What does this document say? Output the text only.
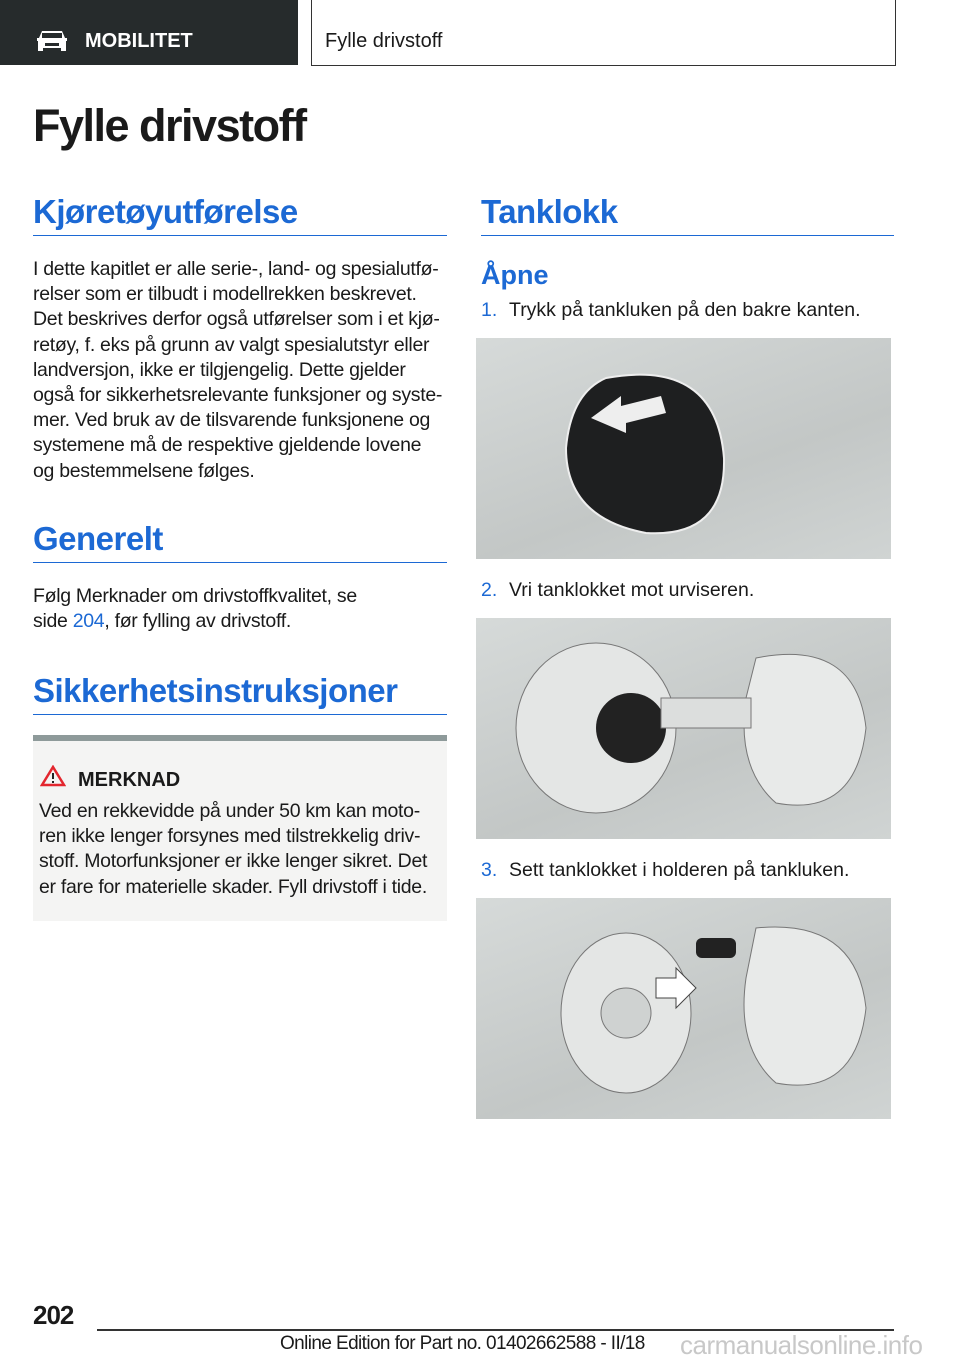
MOBILITET	Fylle drivstoff
Fylle drivstoff
Kjøretøyutførelse
I dette kapitlet er alle serie-, land- og spesialutfø-
relser som er tilbudt i modellrekken beskrevet.
Det beskrives derfor også utførelser som i et kjø-
retøy, f. eks på grunn av valgt spesialutstyr eller
landversjon, ikke er tilgjengelig. Dette gjelder
også for sikkerhetsrelevante funksjoner og syste-
mer. Ved bruk av de tilsvarende funksjonene og
systemene må de respektive gjeldende lovene
og bestemmelsene følges.
Generelt
Følg Merknader om drivstoffkvalitet, se
side 204, før fylling av drivstoff.
Sikkerhetsinstruksjoner
MERKNAD
Ved en rekkevidde på under 50 km kan moto-
ren ikke lenger forsynes med tilstrekkelig driv-
stoff. Motorfunksjoner er ikke lenger sikret. Det
er fare for materielle skader. Fyll drivstoff i tide.
Tanklokk
Åpne
1. Trykk på tankluken på den bakre kanten.
2. Vri tanklokket mot urviseren.
3. Sett tanklokket i holderen på tankluken.
202
Online Edition for Part no. 01402662588 - II/18 carmanualsonline.info
